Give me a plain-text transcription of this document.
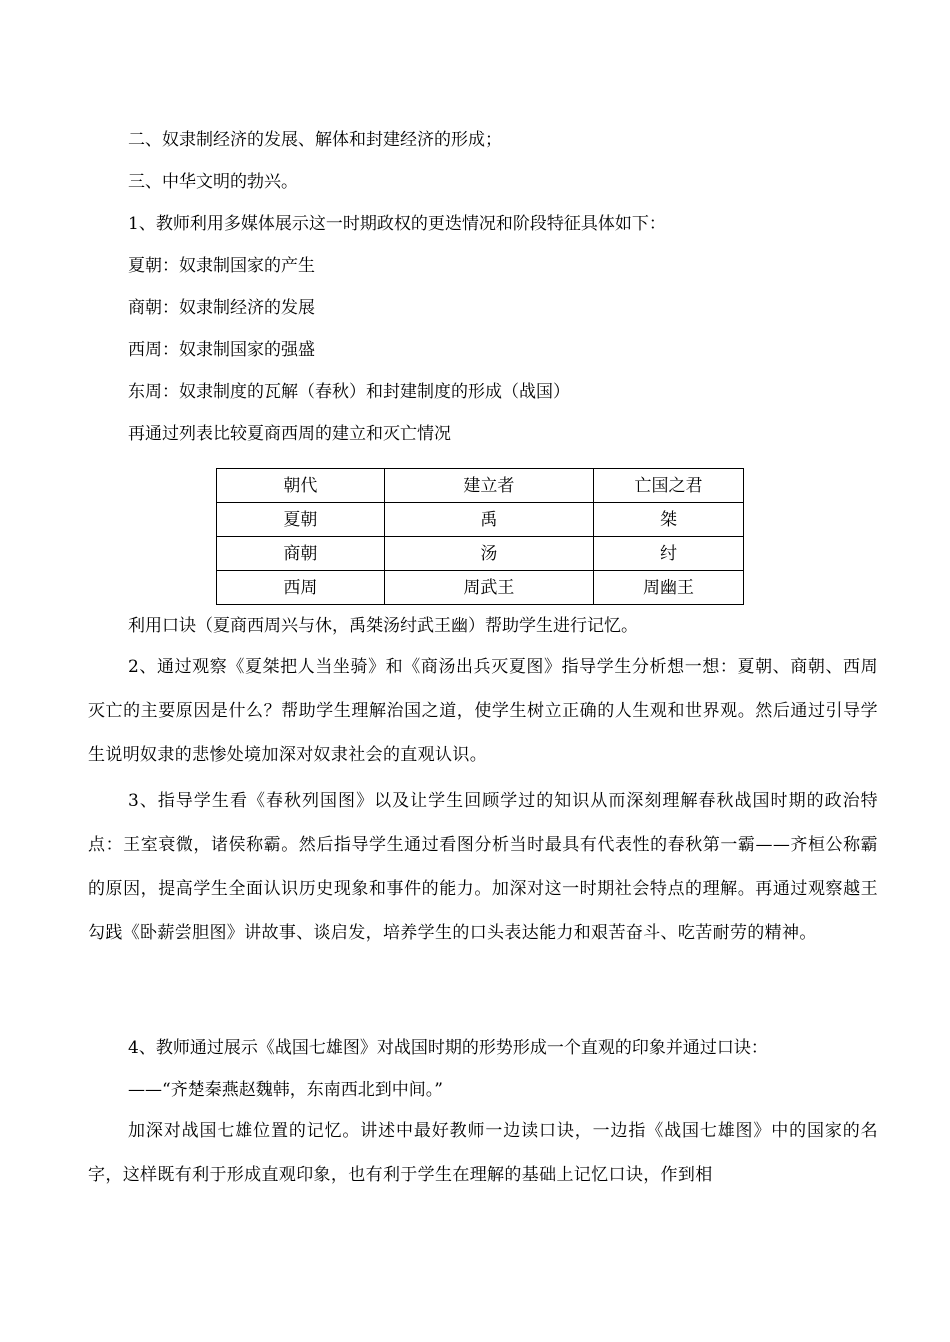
二、奴隶制经济的发展、解体和封建经济的形成；

三、中华文明的勃兴。

1、教师利用多媒体展示这一时期政权的更迭情况和阶段特征具体如下：

夏朝：奴隶制国家的产生

商朝：奴隶制经济的发展

西周：奴隶制国家的强盛

东周：奴隶制度的瓦解（春秋）和封建制度的形成（战国）

再通过列表比较夏商西周的建立和灭亡情况

朝代	建立者	亡国之君
夏朝	禹	桀
商朝	汤	纣
西周	周武王	周幽王

利用口诀（夏商西周兴与休，禹桀汤纣武王幽）帮助学生进行记忆。

2、通过观察《夏桀把人当坐骑》和《商汤出兵灭夏图》指导学生分析想一想：夏朝、商朝、西周灭亡的主要原因是什么？帮助学生理解治国之道，使学生树立正确的人生观和世界观。然后通过引导学生说明奴隶的悲惨处境加深对奴隶社会的直观认识。

3、指导学生看《春秋列国图》以及让学生回顾学过的知识从而深刻理解春秋战国时期的政治特点：王室衰微，诸侯称霸。然后指导学生通过看图分析当时最具有代表性的春秋第一霸——齐桓公称霸的原因，提高学生全面认识历史现象和事件的能力。加深对这一时期社会特点的理解。再通过观察越王勾践《卧薪尝胆图》讲故事、谈启发，培养学生的口头表达能力和艰苦奋斗、吃苦耐劳的精神。

4、教师通过展示《战国七雄图》对战国时期的形势形成一个直观的印象并通过口诀：

——“齐楚秦燕赵魏韩，东南西北到中间。”

加深对战国七雄位置的记忆。讲述中最好教师一边读口诀，一边指《战国七雄图》中的国家的名字，这样既有利于形成直观印象，也有利于学生在理解的基础上记忆口诀，作到相
